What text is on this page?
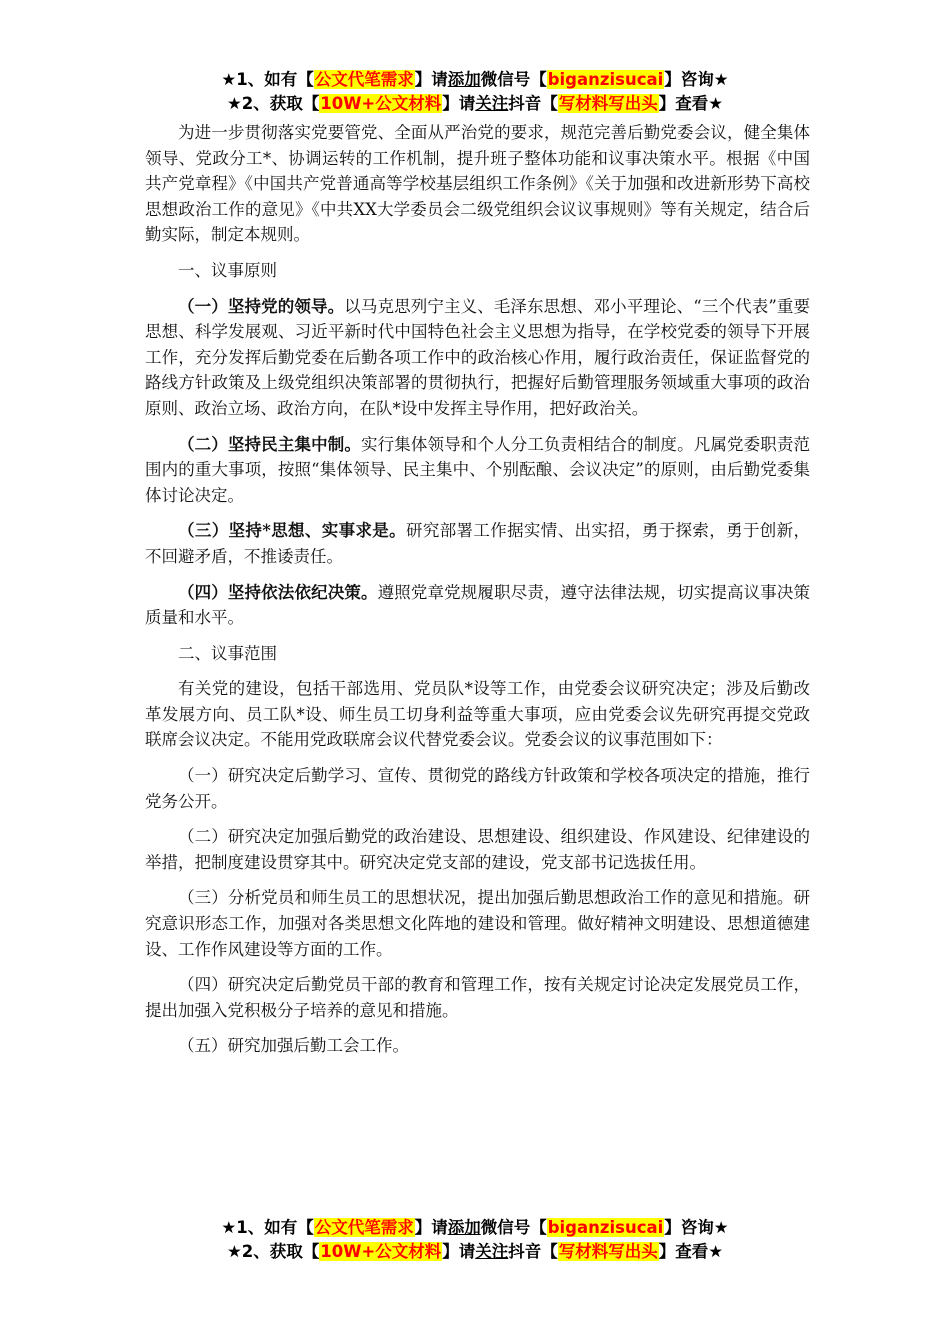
★1、如有【公文代笔需求】请添加微信号【biganzisucai】咨询★
★2、获取【10W+公文材料】请关注抖音【写材料写出头】查看★

为进一步贯彻落实党要管党、全面从严治党的要求，规范完善后勤党委会议，健全集体领导、党政分工*、协调运转的工作机制，提升班子整体功能和议事决策水平。根据《中国共产党章程》《中国共产党普通高等学校基层组织工作条例》《关于加强和改进新形势下高校思想政治工作的意见》《中共XX大学委员会二级党组织会议议事规则》等有关规定，结合后勤实际，制定本规则。

一、议事原则

（一）坚持党的领导。以马克思列宁主义、毛泽东思想、邓小平理论、“三个代表”重要思想、科学发展观、习近平新时代中国特色社会主义思想为指导，在学校党委的领导下开展工作，充分发挥后勤党委在后勤各项工作中的政治核心作用，履行政治责任，保证监督党的路线方针政策及上级党组织决策部署的贯彻执行，把握好后勤管理服务领域重大事项的政治原则、政治立场、政治方向，在队*设中发挥主导作用，把好政治关。

（二）坚持民主集中制。实行集体领导和个人分工负责相结合的制度。凡属党委职责范围内的重大事项，按照“集体领导、民主集中、个别酝酿、会议决定”的原则，由后勤党委集体讨论决定。

（三）坚持*思想、实事求是。研究部署工作据实情、出实招，勇于探索，勇于创新，不回避矛盾，不推诿责任。

（四）坚持依法依纪决策。遵照党章党规履职尽责，遵守法律法规，切实提高议事决策质量和水平。

二、议事范围

有关党的建设，包括干部选用、党员队*设等工作，由党委会议研究决定；涉及后勤改革发展方向、员工队*设、师生员工切身利益等重大事项，应由党委会议先研究再提交党政联席会议决定。不能用党政联席会议代替党委会议。党委会议的议事范围如下：

（一）研究决定后勤学习、宣传、贯彻党的路线方针政策和学校各项决定的措施，推行党务公开。

（二）研究决定加强后勤党的政治建设、思想建设、组织建设、作风建设、纪律建设的举措，把制度建设贯穿其中。研究决定党支部的建设，党支部书记选拔任用。

（三）分析党员和师生员工的思想状况，提出加强后勤思想政治工作的意见和措施。研究意识形态工作，加强对各类思想文化阵地的建设和管理。做好精神文明建设、思想道德建设、工作作风建设等方面的工作。

（四）研究决定后勤党员干部的教育和管理工作，按有关规定讨论决定发展党员工作，提出加强入党积极分子培养的意见和措施。

（五）研究加强后勤工会工作。

★1、如有【公文代笔需求】请添加微信号【biganzisucai】咨询★
★2、获取【10W+公文材料】请关注抖音【写材料写出头】查看★
